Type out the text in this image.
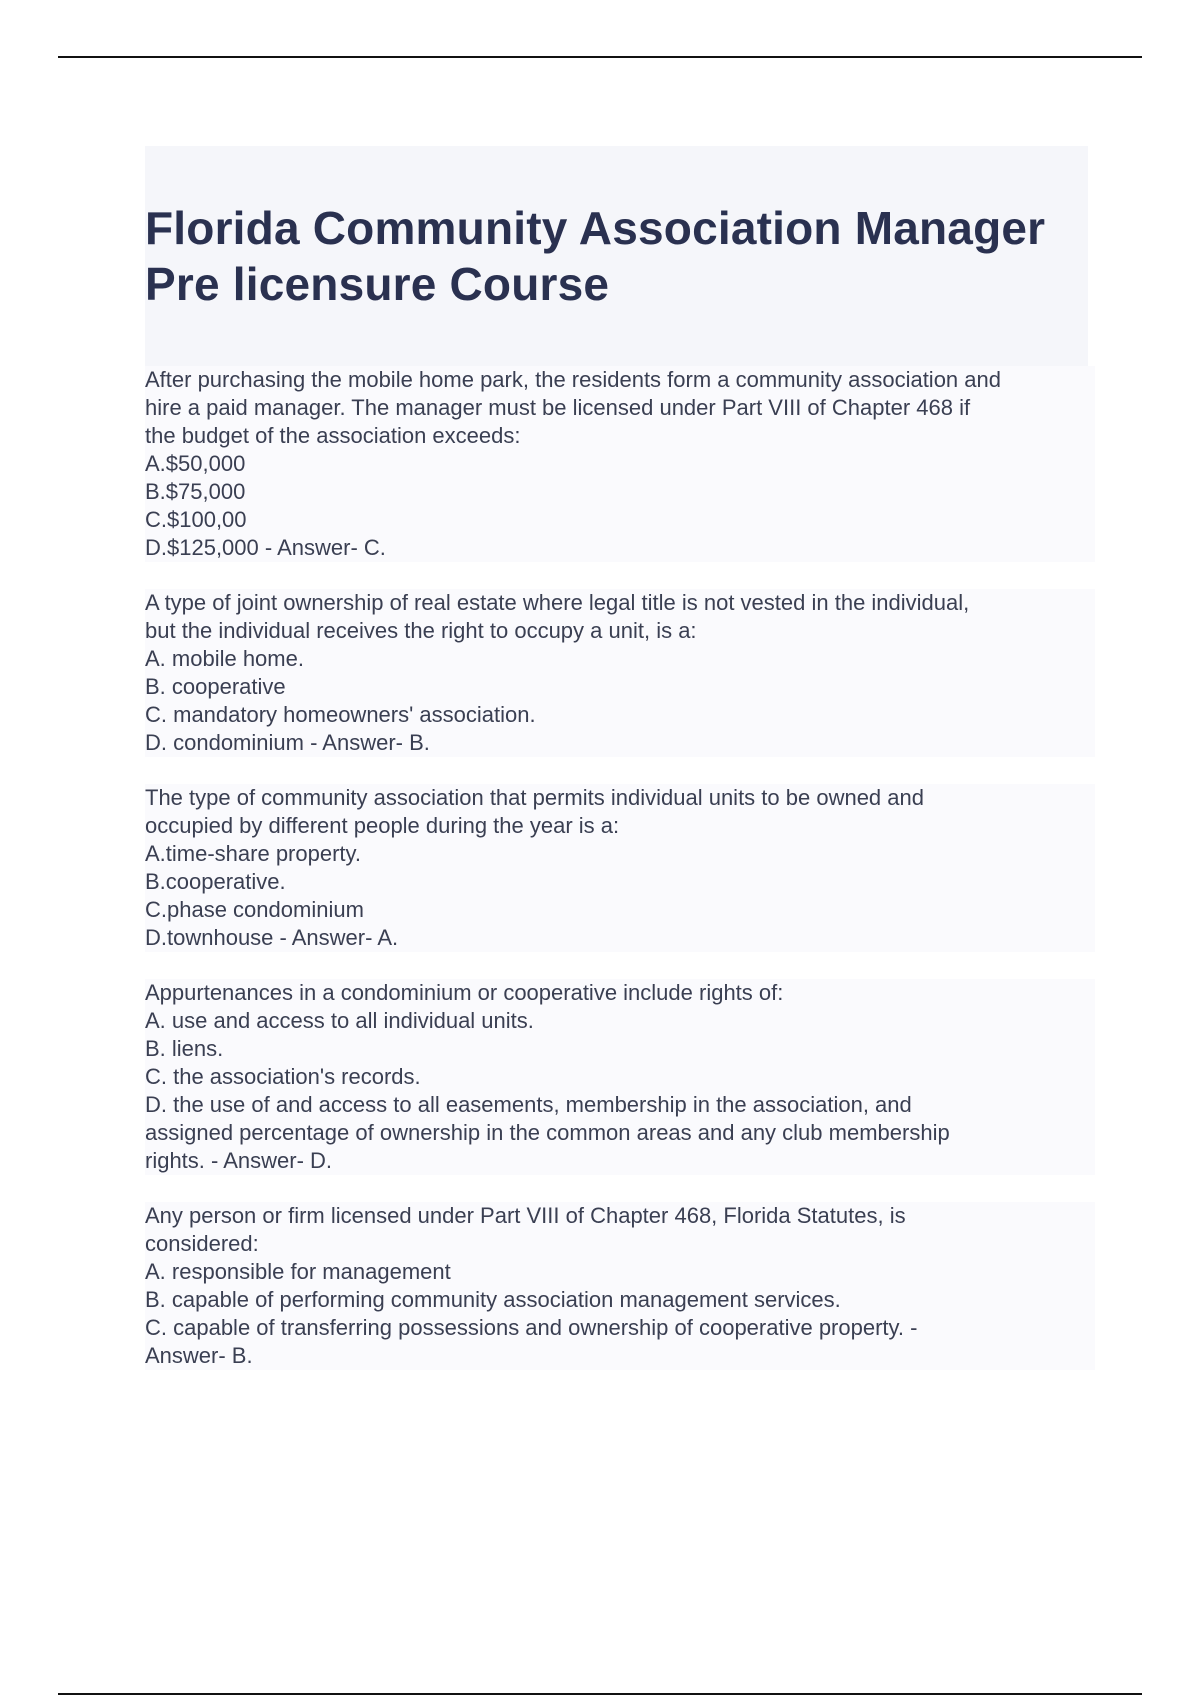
Florida Community Association Manager
Pre licensure Course
After purchasing the mobile home park, the residents form a community association and
hire a paid manager. The manager must be licensed under Part VIII of Chapter 468 if
the budget of the association exceeds:
A.$50,000
B.$75,000
C.$100,00
D.$125,000 - Answer- C.
A type of joint ownership of real estate where legal title is not vested in the individual,
but the individual receives the right to occupy a unit, is a:
A. mobile home.
B. cooperative
C. mandatory homeowners' association.
D. condominium - Answer- B.
The type of community association that permits individual units to be owned and
occupied by different people during the year is a:
A.time-share property.
B.cooperative.
C.phase condominium
D.townhouse - Answer- A.
Appurtenances in a condominium or cooperative include rights of:
A. use and access to all individual units.
B. liens.
C. the association's records.
D. the use of and access to all easements, membership in the association, and
assigned percentage of ownership in the common areas and any club membership
rights. - Answer- D.
Any person or firm licensed under Part VIII of Chapter 468, Florida Statutes, is
considered:
A. responsible for management
B. capable of performing community association management services.
C. capable of transferring possessions and ownership of cooperative property. -
Answer- B.
